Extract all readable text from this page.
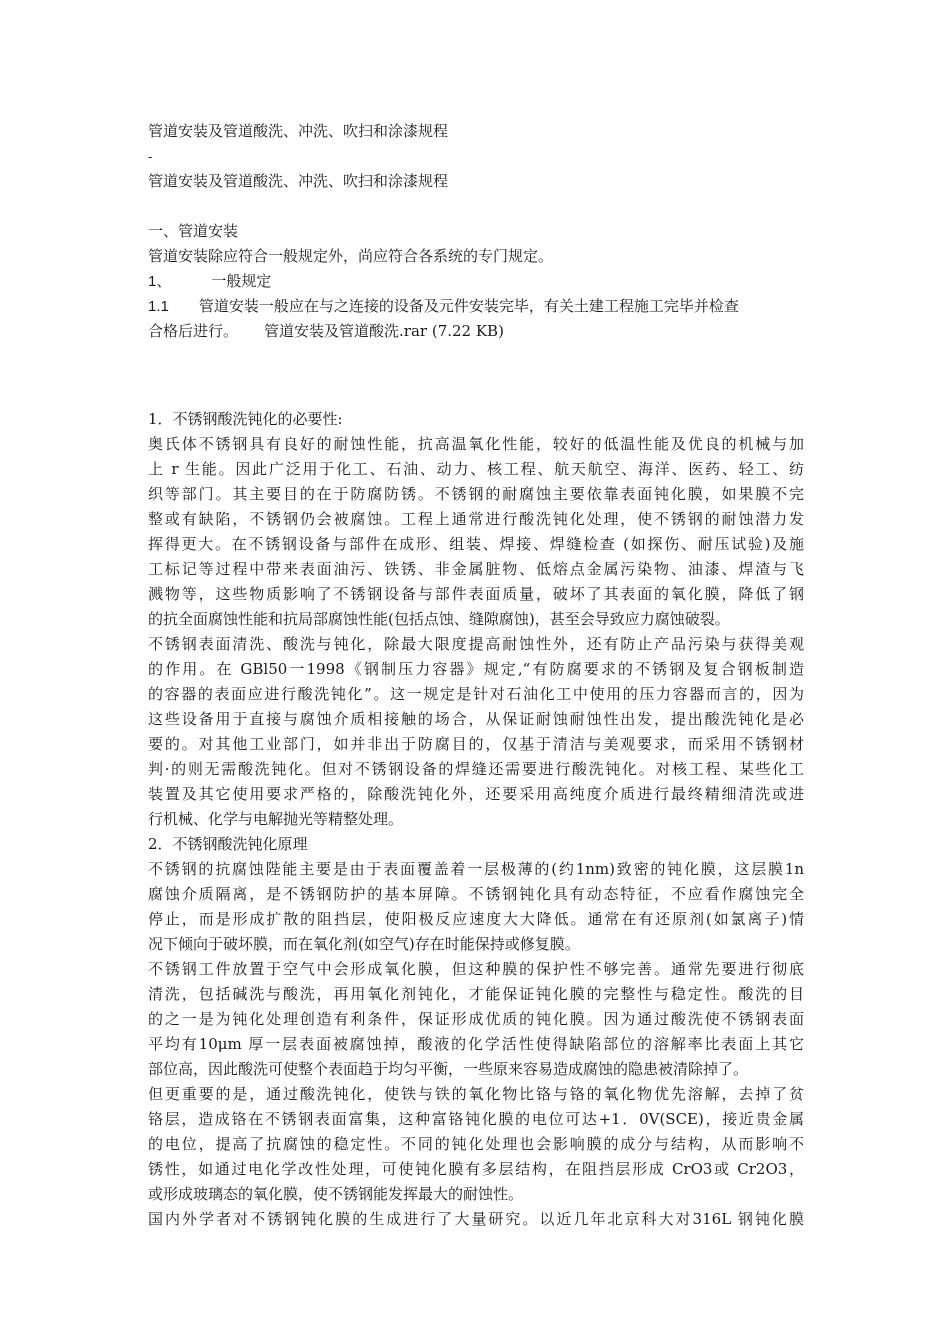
管道安装及管道酸洗、冲洗、吹扫和涂漆规程
-
管道安装及管道酸洗、冲洗、吹扫和涂漆规程
一、管道安装
管道安装除应符合一般规定外，尚应符合各系统的专门规定。
1、	一般规定
1.1 管道安装一般应在与之连接的设备及元件安装完毕，有关土建工程施工完毕并检查
合格后进行。 管道安装及管道酸洗.rar (7.22 KB)
1．不锈钢酸洗钝化的必要性:
奥氏体不锈钢具有良好的耐蚀性能，抗高温氧化性能，较好的低温性能及优良的机械与加
上 r 生能。因此广泛用于化工、石油、动力、核工程、航天航空、海洋、医药、轻工、纺
织等部门。其主要目的在于防腐防锈。不锈钢的耐腐蚀主要依靠表面钝化膜，如果膜不完
整或有缺陷，不锈钢仍会被腐蚀。工程上通常进行酸洗钝化处理，使不锈钢的耐蚀潜力发
挥得更大。在不锈钢设备与部件在成形、组装、焊接、焊缝检查 (如探伤、耐压试验)及施
工标记等过程中带来表面油污、铁锈、非金属脏物、低熔点金属污染物、油漆、焊渣与飞
溅物等，这些物质影响了不锈钢设备与部件表面质量，破坏了其表面的氧化膜，降低了钢
的抗全面腐蚀性能和抗局部腐蚀性能(包括点蚀、缝隙腐蚀)，甚至会导致应力腐蚀破裂。
不锈钢表面清洗、酸洗与钝化，除最大限度提高耐蚀性外，还有防止产品污染与获得美观
的作用。在 GBl50一1998《钢制压力容器》规定,“有防腐要求的不锈钢及复合钢板制造
的容器的表面应进行酸洗钝化”。这一规定是针对石油化工中使用的压力容器而言的，因为
这些设备用于直接与腐蚀介质相接触的场合，从保证耐蚀耐蚀性出发，提出酸洗钝化是必
要的。对其他工业部门，如并非出于防腐目的，仅基于清洁与美观要求，而采用不锈钢材
判·的则无需酸洗钝化。但对不锈钢设备的焊缝还需要进行酸洗钝化。对核工程、某些化工
装置及其它使用要求严格的，除酸洗钝化外，还要采用高纯度介质进行最终精细清洗或进
行机械、化学与电解抛光等精整处理。
2．不锈钢酸洗钝化原理
不锈钢的抗腐蚀陛能主要是由于表面覆盖着一层极薄的(约1nm)致密的钝化膜，这层膜1n
腐蚀介质隔离，是不锈钢防护的基本屏障。不锈钢钝化具有动态特征，不应看作腐蚀完全
停止，而是形成扩散的阻挡层，使阳极反应速度大大降低。通常在有还原剂(如氯离子)情
况下倾向于破坏膜，而在氧化剂(如空气)存在时能保持或修复膜。
不锈钢工件放置于空气中会形成氧化膜，但这种膜的保护性不够完善。通常先要进行彻底
清洗，包括碱洗与酸洗，再用氧化剂钝化，才能保证钝化膜的完整性与稳定性。酸洗的目
的之一是为钝化处理创造有利条件，保证形成优质的钝化膜。因为通过酸洗使不锈钢表面
平均有10μm 厚一层表面被腐蚀掉，酸液的化学活性使得缺陷部位的溶解率比表面上其它
部位高，因此酸洗可使整个表面趋于均匀平衡，一些原来容易造成腐蚀的隐患被清除掉了。
但更重要的是，通过酸洗钝化，使铁与铁的氧化物比铬与铬的氧化物优先溶解，去掉了贫
铬层，造成铬在不锈钢表面富集，这种富铬钝化膜的电位可达+1．0V(SCE)，接近贵金属
的电位，提高了抗腐蚀的稳定性。不同的钝化处理也会影响膜的成分与结构，从而影响不
锈性，如通过电化学改性处理，可使钝化膜有多层结构，在阻挡层形成 CrO3或 Cr2O3，
或形成玻璃态的氧化膜，使不锈钢能发挥最大的耐蚀性。
国内外学者对不锈钢钝化膜的生成进行了大量研究。以近几年北京科大对316L 钢钝化膜
